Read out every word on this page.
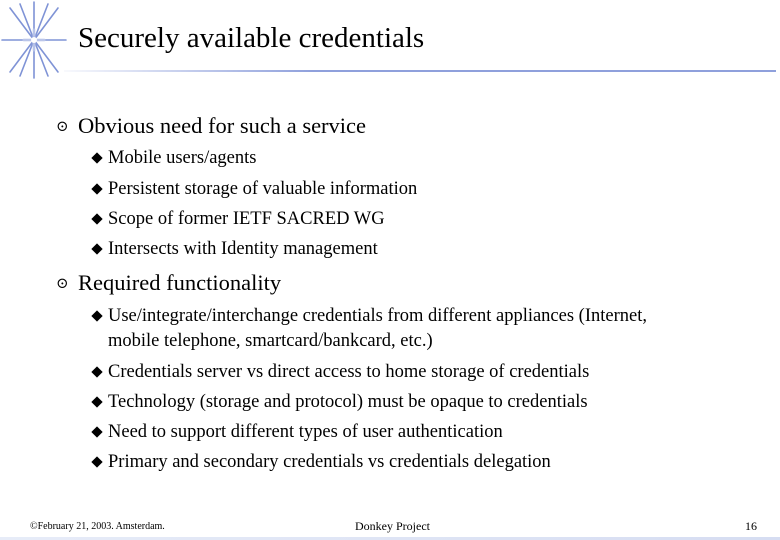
Securely available credentials
⊙ Obvious need for such a service
Mobile users/agents
Persistent storage of valuable information
Scope of former IETF SACRED WG
Intersects with Identity management
⊙ Required functionality
Use/integrate/interchange credentials from different appliances (Internet,
mobile telephone, smartcard/bankcard, etc.)
Credentials server vs direct access to home storage of credentials
Technology (storage and protocol) must be opaque to credentials
Need to support different types of user authentication
Primary and secondary credentials vs credentials delegation
©February 21, 2003. Amsterdam.	Donkey Project	16
